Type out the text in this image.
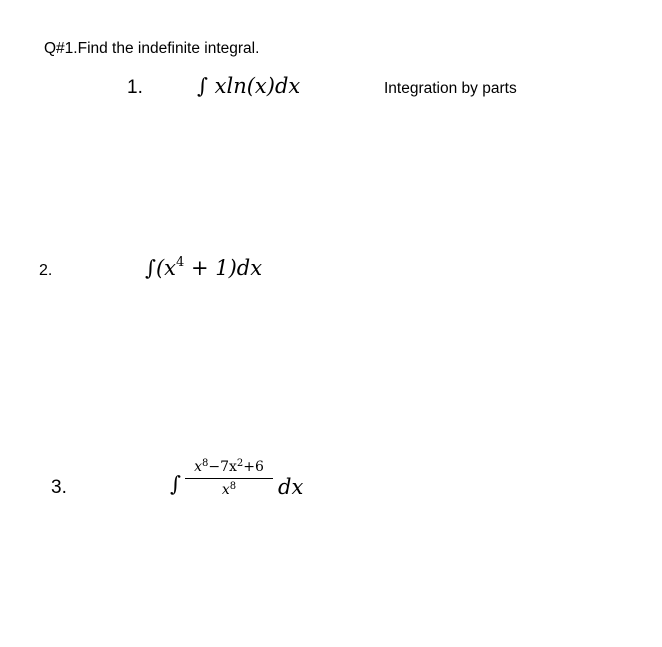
Q#1.Find the indefinite integral.
1.	∫ xln(x)dx	Integration by parts
2.	$\int(x^4 + 1)dx$
3.	∫
$x^8-7x^2+6$
$x^8$	dx
